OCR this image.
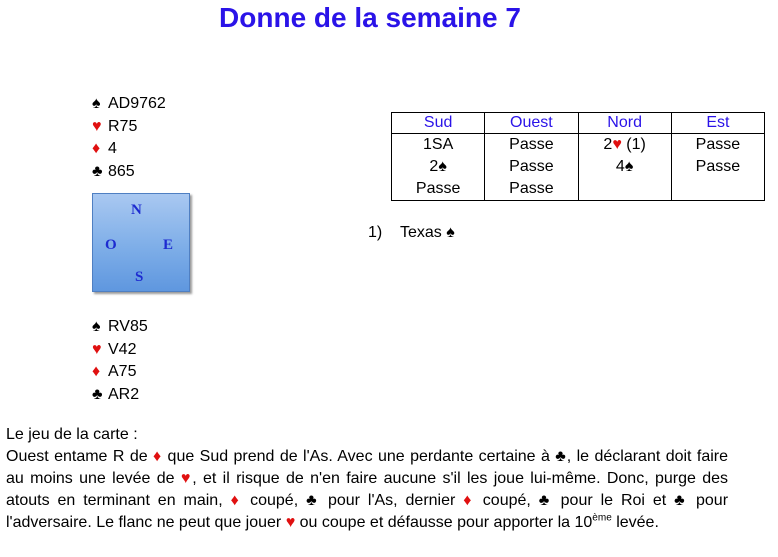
Donne de la semaine 7
♠ AD9762
♥ R75
♦ 4
♣ 865
N
O	E
S
♠ RV85
♥ V42
♦ A75
♣ AR2
Sud	Ouest	Nord	Est
1SA	Passe	2♥ (1)	Passe
2♠	Passe	4♠	Passe
Passe	Passe		
1) Texas ♠
Le jeu de la carte :
Ouest entame R de ♦ que Sud prend de l'As. Avec une perdante certaine à ♣, le déclarant doit faire au moins une levée de ♥, et il risque de n'en faire aucune s'il les joue lui-même. Donc, purge des atouts en terminant en main, ♦ coupé, ♣ pour l'As, dernier ♦ coupé, ♣ pour le Roi et ♣ pour l'adversaire. Le flanc ne peut que jouer ♥ ou coupe et défausse pour apporter la 10ème levée.
